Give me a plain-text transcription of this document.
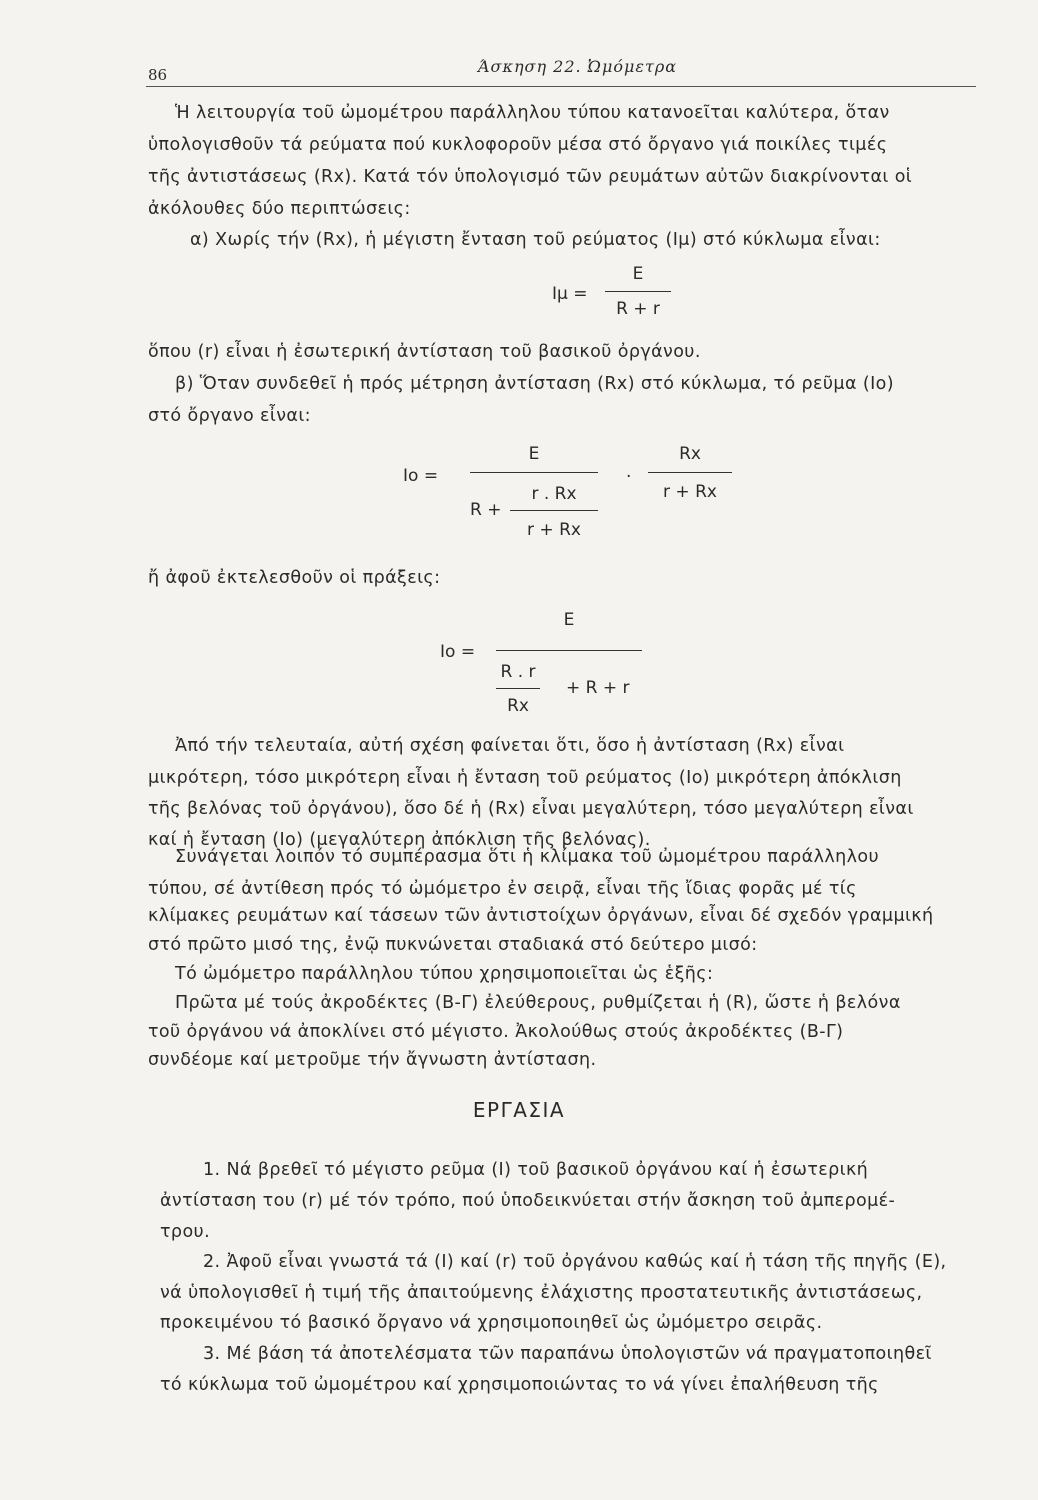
86	Άσκηση 22. Ὠμόμετρα
Ἡ λειτουργία τοῦ ὠμομέτρου παράλληλου τύπου κατανοεῖται καλύτερα, ὅταν
ὑπολογισθοῦν τά ρεύματα πού κυκλοφοροῦν μέσα στό ὄργανο γιά ποικίλες τιμές
τῆς ἀντιστάσεως (Rx). Κατά τόν ὑπολογισμό τῶν ρευμάτων αὐτῶν διακρίνονται οἱ
ἀκόλουθες δύο περιπτώσεις:
α) Χωρίς τήν (Rx), ἡ μέγιστη ἔνταση τοῦ ρεύματος (Iμ) στό κύκλωμα εἶναι:
Iμ =
E
R + r
ὅπου (r) εἶναι ἡ ἐσωτερική ἀντίσταση τοῦ βασικοῦ ὀργάνου.
β) Ὅταν συνδεθεῖ ἡ πρός μέτρηση ἀντίσταση (Rx) στό κύκλωμα, τό ρεῦμα (Io)
στό ὄργανο εἶναι:
Io =
E
r . Rx
R +
r + Rx
.
Rx
r + Rx
ἤ ἀφοῦ ἐκτελεσθοῦν οἱ πράξεις:
Io =
E
R . r
Rx
+ R + r
Ἀπό τήν τελευταία, αὐτή σχέση φαίνεται ὅτι, ὅσο ἡ ἀντίσταση (Rx) εἶναι
μικρότερη, τόσο μικρότερη εἶναι ἡ ἔνταση τοῦ ρεύματος (Io) μικρότερη ἀπόκλιση
τῆς βελόνας τοῦ ὀργάνου), ὅσο δέ ἡ (Rx) εἶναι μεγαλύτερη, τόσο μεγαλύτερη εἶναι
καί ἡ ἔνταση (Io) (μεγαλύτερη ἀπόκλιση τῆς βελόνας).
Συνάγεται λοιπόν τό συμπέρασμα ὅτι ἡ κλίμακα τοῦ ὠμομέτρου παράλληλου
τύπου, σέ ἀντίθεση πρός τό ὠμόμετρο ἐν σειρᾷ, εἶναι τῆς ἴδιας φορᾶς μέ τίς
κλίμακες ρευμάτων καί τάσεων τῶν ἀντιστοίχων ὀργάνων, εἶναι δέ σχεδόν γραμμική
στό πρῶτο μισό της, ἐνῷ πυκνώνεται σταδιακά στό δεύτερο μισό:
Τό ὠμόμετρο παράλληλου τύπου χρησιμοποιεῖται ὡς ἑξῆς:
Πρῶτα μέ τούς ἀκροδέκτες (B-Γ) ἐλεύθερους, ρυθμίζεται ἡ (R), ὥστε ἡ βελόνα
τοῦ ὀργάνου νά ἀποκλίνει στό μέγιστο. Ἀκολούθως στούς ἀκροδέκτες (B-Γ)
συνδέομε καί μετροῦμε τήν ἄγνωστη ἀντίσταση.
ΕΡΓΑΣΙΑ
1. Νά βρεθεῖ τό μέγιστο ρεῦμα (I) τοῦ βασικοῦ ὀργάνου καί ἡ ἐσωτερική
ἀντίσταση του (r) μέ τόν τρόπο, πού ὑποδεικνύεται στήν ἄσκηση τοῦ ἀμπερομέ-
τρου.
2. Ἀφοῦ εἶναι γνωστά τά (I) καί (r) τοῦ ὀργάνου καθώς καί ἡ τάση τῆς πηγῆς (E),
νά ὑπολογισθεῖ ἡ τιμή τῆς ἀπαιτούμενης ἐλάχιστης προστατευτικῆς ἀντιστάσεως,
προκειμένου τό βασικό ὄργανο νά χρησιμοποιηθεῖ ὡς ὠμόμετρο σειρᾶς.
3. Μέ βάση τά ἀποτελέσματα τῶν παραπάνω ὑπολογιστῶν νά πραγματοποιηθεῖ
τό κύκλωμα τοῦ ὠμομέτρου καί χρησιμοποιώντας το νά γίνει ἐπαλήθευση τῆς
